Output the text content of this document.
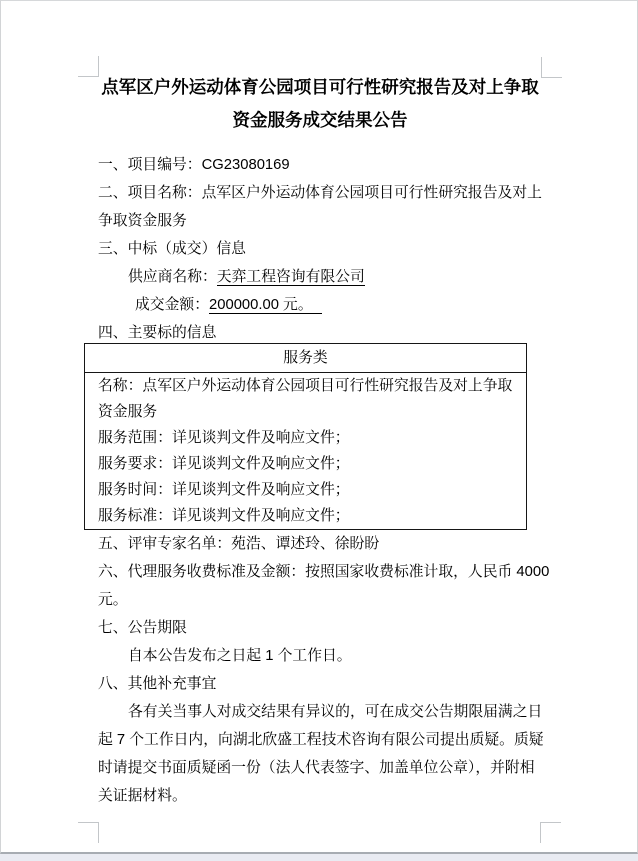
点军区户外运动体育公园项目可行性研究报告及对上争取
资金服务成交结果公告
一、项目编号：CG23080169
二、项目名称：点军区户外运动体育公园项目可行性研究报告及对上
争取资金服务
三、中标（成交）信息
供应商名称：天弈工程咨询有限公司
成交金额：200000.00 元。
四、主要标的信息
服务类
名称：点军区户外运动体育公园项目可行性研究报告及对上争取
资金服务
服务范围：详见谈判文件及响应文件；
服务要求：详见谈判文件及响应文件；
服务时间：详见谈判文件及响应文件；
服务标准：详见谈判文件及响应文件；
五、评审专家名单：苑浩、谭述玲、徐盼盼
六、代理服务收费标准及金额：按照国家收费标准计取，人民币 4000
元。
七、公告期限
自本公告发布之日起 1 个工作日。
八、其他补充事宜
各有关当事人对成交结果有异议的，可在成交公告期限届满之日
起 7 个工作日内，向湖北欣盛工程技术咨询有限公司提出质疑。质疑
时请提交书面质疑函一份（法人代表签字、加盖单位公章），并附相
关证据材料。
